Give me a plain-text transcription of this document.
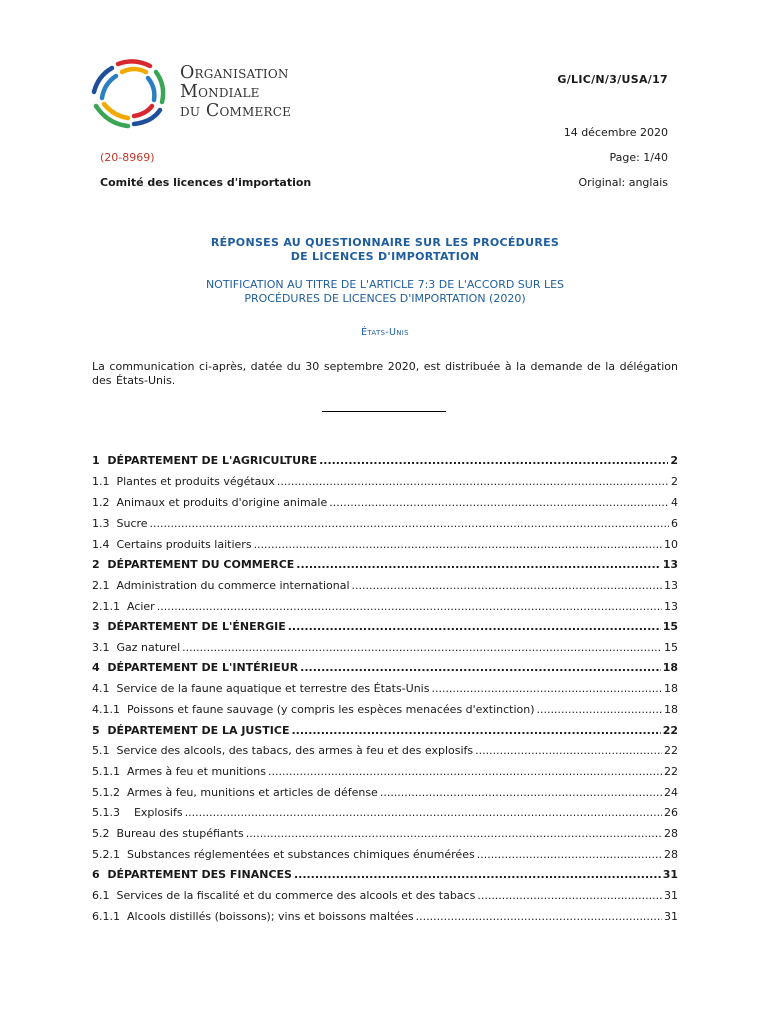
Organisation
Mondiale
du Commerce
G/LIC/N/3/USA/17
14 décembre 2020
(20-8969)	Page: 1/40
Comité des licences d'importation	Original: anglais
RÉPONSES AU QUESTIONNAIRE SUR LES PROCÉDURES
DE LICENCES D'IMPORTATION
NOTIFICATION AU TITRE DE L'ARTICLE 7:3 DE L'ACCORD SUR LES
PROCÉDURES DE LICENCES D'IMPORTATION (2020)
États-Unis
La communication ci-après, datée du 30 septembre 2020, est distribuée à la demande de la délégation des États-Unis.
1  DÉPARTEMENT DE L'AGRICULTURE .....	2
1.1  Plantes et produits végétaux .....	2
1.2  Animaux et produits d'origine animale .....	4
1.3  Sucre .....	6
1.4  Certains produits laitiers .....	10
2  DÉPARTEMENT DU COMMERCE .....	13
2.1  Administration du commerce international .....	13
2.1.1  Acier .....	13
3  DÉPARTEMENT DE L'ÉNERGIE .....	15
3.1  Gaz naturel .....	15
4  DÉPARTEMENT DE L'INTÉRIEUR .....	18
4.1  Service de la faune aquatique et terrestre des États-Unis .....	18
4.1.1  Poissons et faune sauvage (y compris les espèces menacées d'extinction) .....	18
5  DÉPARTEMENT DE LA JUSTICE .....	22
5.1  Service des alcools, des tabacs, des armes à feu et des explosifs .....	22
5.1.1  Armes à feu et munitions .....	22
5.1.2  Armes à feu, munitions et articles de défense .....	24
5.1.3    Explosifs .....	26
5.2  Bureau des stupéfiants .....	28
5.2.1  Substances réglementées et substances chimiques énumérées .....	28
6  DÉPARTEMENT DES FINANCES .....	31
6.1  Services de la fiscalité et du commerce des alcools et des tabacs .....	31
6.1.1  Alcools distillés (boissons); vins et boissons maltées .....	31
